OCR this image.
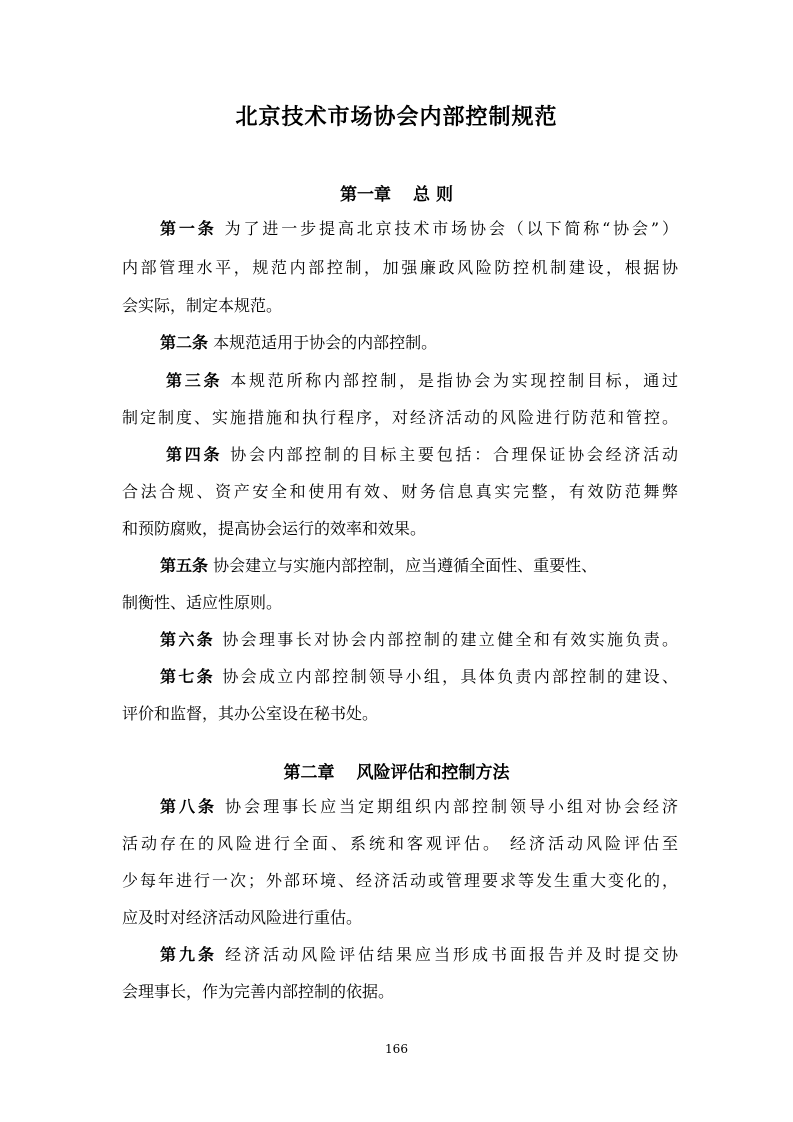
北京技术市场协会内部控制规范
第一章 总 则
第一条 为了进一步提高北京技术市场协会（以下简称“协会”）
内部管理水平，规范内部控制，加强廉政风险防控机制建设，根据协
会实际，制定本规范。
第二条 本规范适用于协会的内部控制。
第三条 本规范所称内部控制，是指协会为实现控制目标，通过
制定制度、实施措施和执行程序，对经济活动的风险进行防范和管控。
第四条 协会内部控制的目标主要包括：合理保证协会经济活动
合法合规、资产安全和使用有效、财务信息真实完整，有效防范舞弊
和预防腐败，提高协会运行的效率和效果。
第五条 协会建立与实施内部控制，应当遵循全面性、重要性、
制衡性、适应性原则。
第六条 协会理事长对协会内部控制的建立健全和有效实施负责。
第七条 协会成立内部控制领导小组，具体负责内部控制的建设、
评价和监督，其办公室设在秘书处。
第二章 风险评估和控制方法
第八条 协会理事长应当定期组织内部控制领导小组对协会经济
活动存在的风险进行全面、系统和客观评估。 经济活动风险评估至
少每年进行一次；外部环境、经济活动或管理要求等发生重大变化的，
应及时对经济活动风险进行重估。
第九条 经济活动风险评估结果应当形成书面报告并及时提交协
会理事长，作为完善内部控制的依据。
166
